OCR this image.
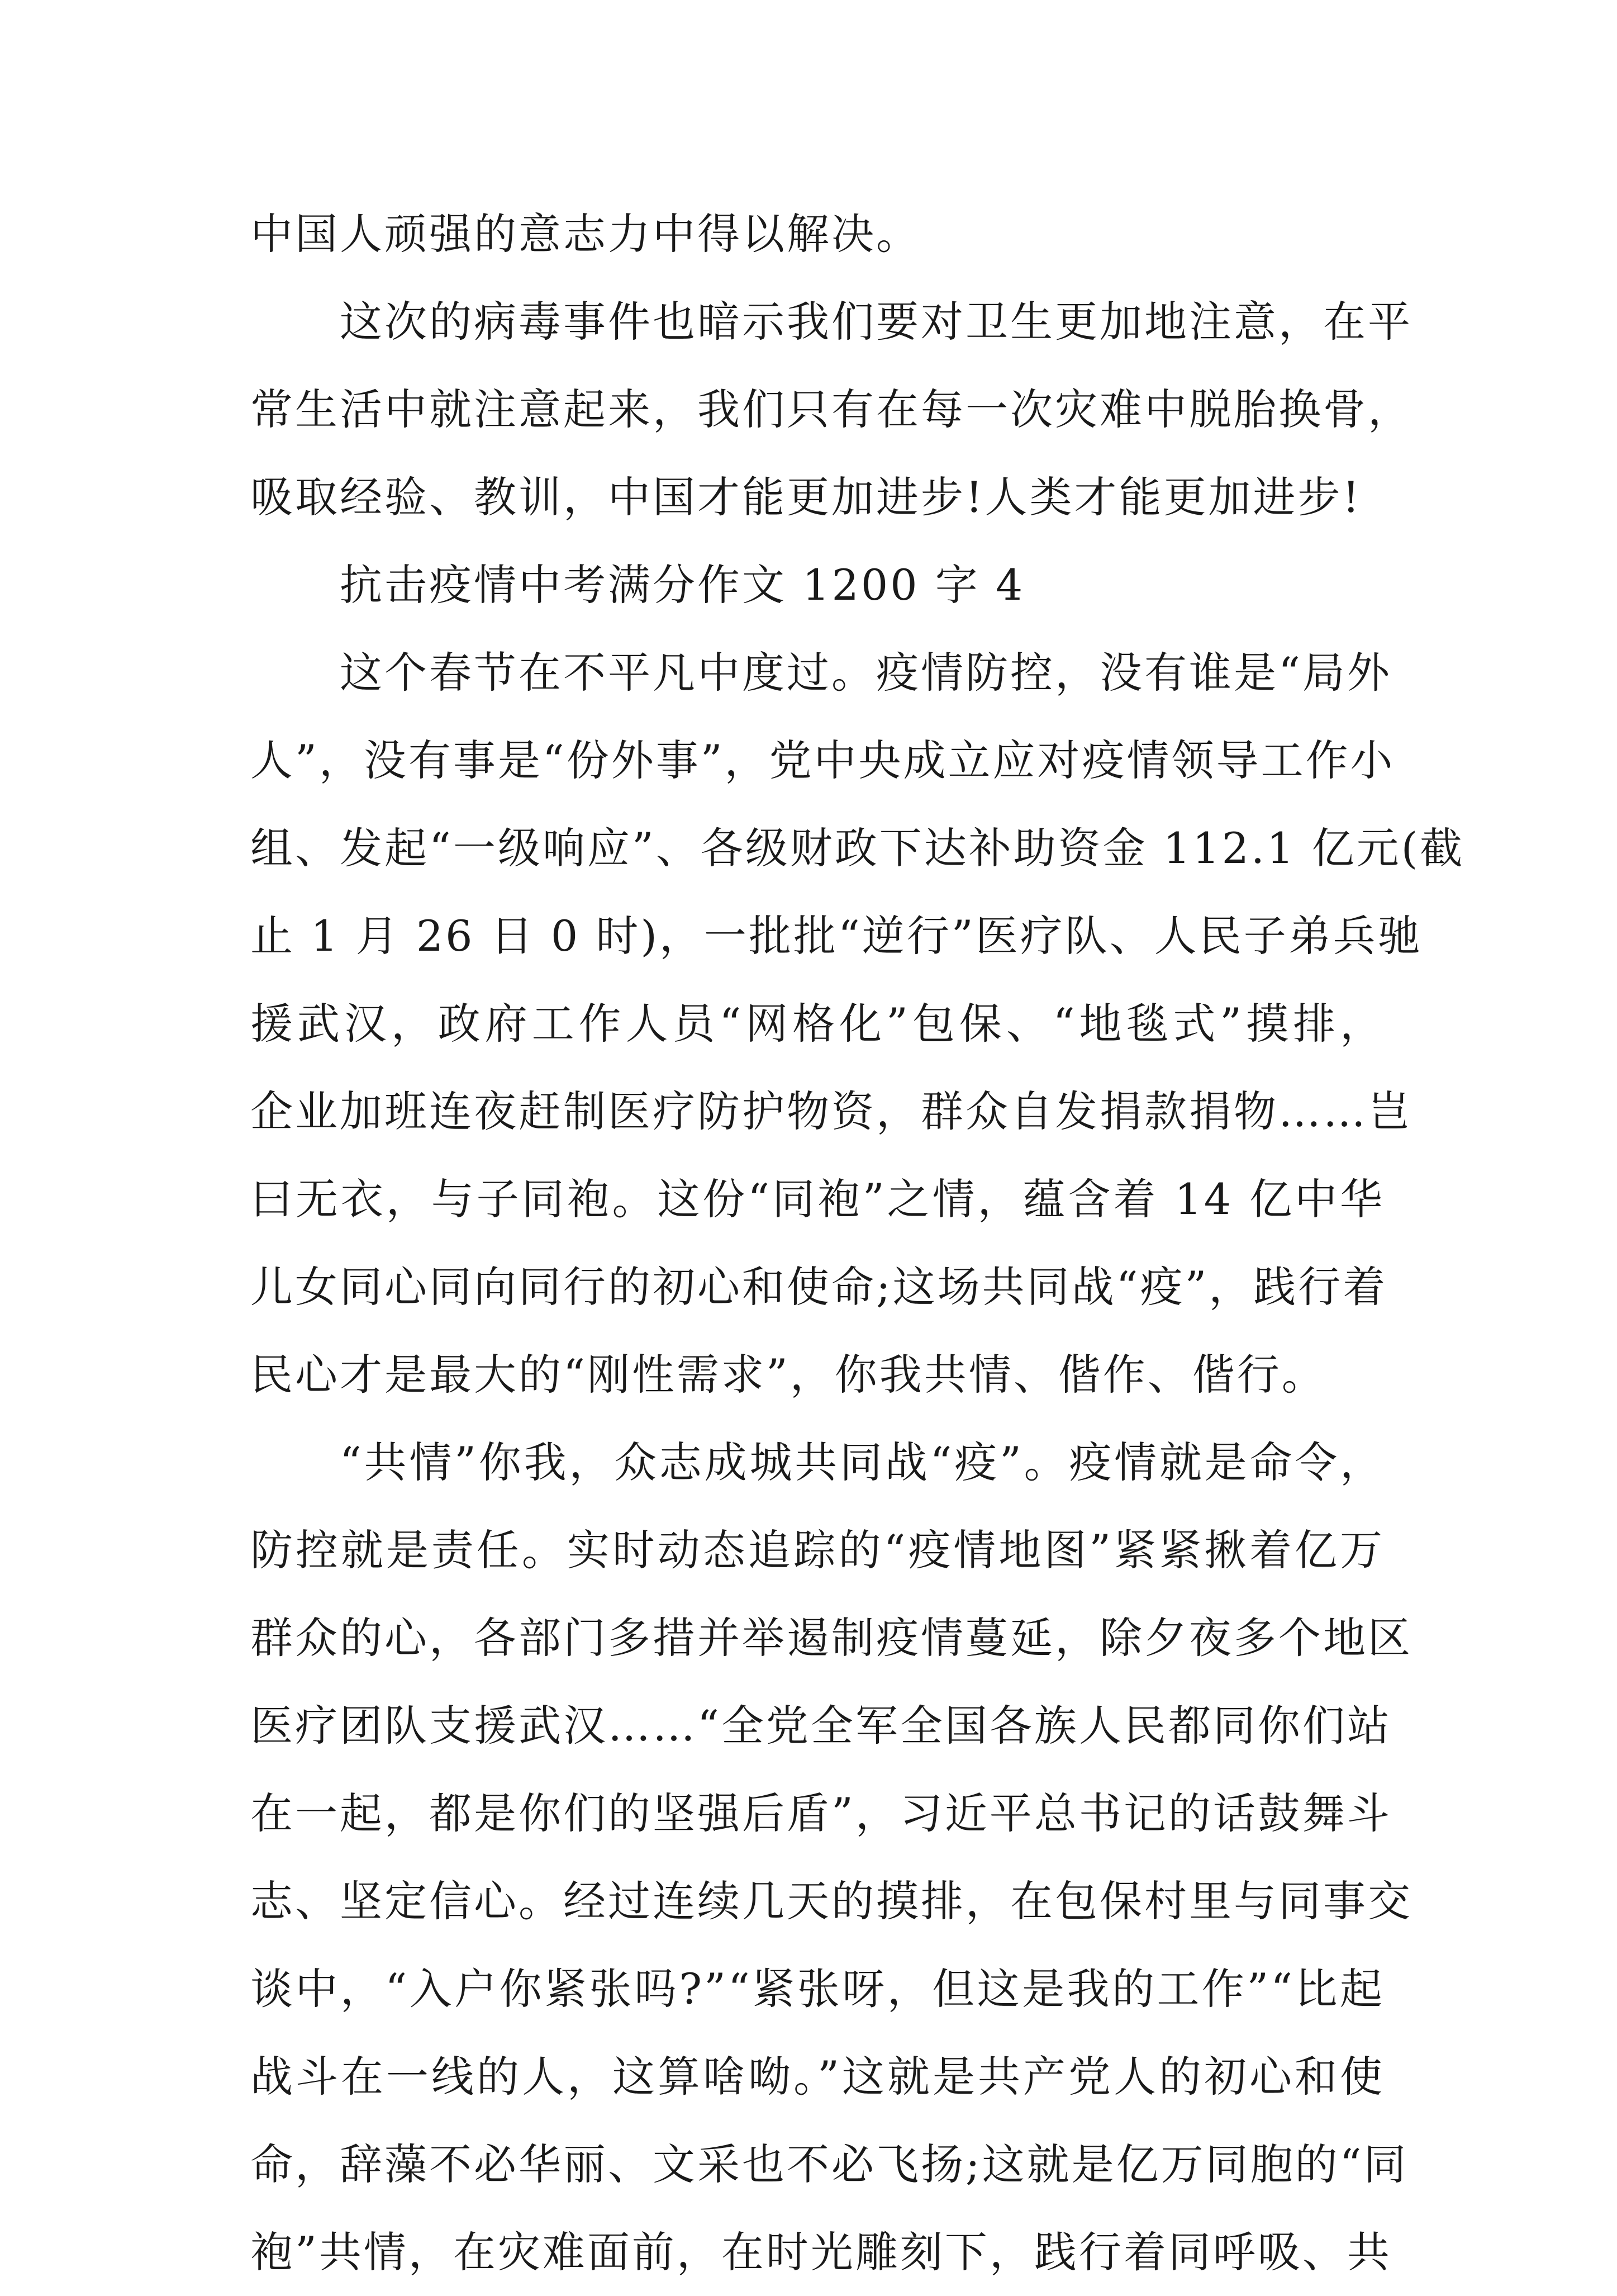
中国人顽强的意志力中得以解决。
这次的病毒事件也暗示我们要对卫生更加地注意，在平
常生活中就注意起来，我们只有在每一次灾难中脱胎换骨，
吸取经验、教训，中国才能更加进步!人类才能更加进步!
抗击疫情中考满分作文 1200 字 4
这个春节在不平凡中度过。疫情防控，没有谁是“局外
人”，没有事是“份外事”，党中央成立应对疫情领导工作小
组、发起“一级响应”、各级财政下达补助资金 112.1 亿元(截
止 1 月 26 日 0 时)，一批批“逆行”医疗队、人民子弟兵驰
援武汉，政府工作人员“网格化”包保、“地毯式”摸排，
企业加班连夜赶制医疗防护物资，群众自发捐款捐物……岂
曰无衣，与子同袍。这份“同袍”之情，蕴含着 14 亿中华
儿女同心同向同行的初心和使命;这场共同战“疫”，践行着
民心才是最大的“刚性需求”，你我共情、偕作、偕行。
“共情”你我，众志成城共同战“疫”。疫情就是命令，
防控就是责任。实时动态追踪的“疫情地图”紧紧揪着亿万
群众的心，各部门多措并举遏制疫情蔓延，除夕夜多个地区
医疗团队支援武汉……“全党全军全国各族人民都同你们站
在一起，都是你们的坚强后盾”，习近平总书记的话鼓舞斗
志、坚定信心。经过连续几天的摸排，在包保村里与同事交
谈中，“入户你紧张吗?”“紧张呀，但这是我的工作”“比起
战斗在一线的人，这算啥呦。”这就是共产党人的初心和使
命，辞藻不必华丽、文采也不必飞扬;这就是亿万同胞的“同
袍”共情，在灾难面前，在时光雕刻下，践行着同呼吸、共
